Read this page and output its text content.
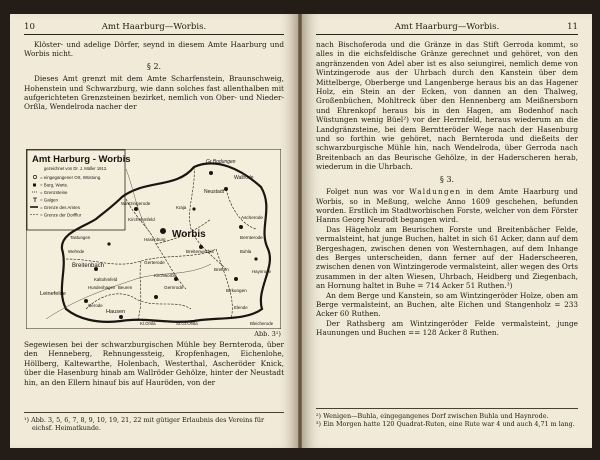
10	Amt Haarburg—Worbis.

Klöster- und adelige Dörfer, seynd in diesem Amte Haarburg und Worbis nicht.

§ 2.

Dieses Amt grenzt mit dem Amte Scharfenstein, Braunschweig, Hohenstein und Schwarzburg, wie dann solches fast allenthalben mit aufgerichteten Grenzsteinen bezirket, nemlich von Ober- und Nieder-Orßla, Wendelroda nacher der

Amt Harburg - Worbis
gezeichnet von Dr. J. Müller 1912.
= eingegangener Ort, Wüstung.
= Burg, Warte.
= Grenzsteine
= Galgen
= Grenze des Amtes
= Grenze der Dorfflur
Gr.Bodungen
Neustadt
Wallrode
Wintzingerode
Kirchohmfeld
Worbis	Bernterode
Breitenbach
Breitenworbis
Ascherode
Gerterode
Bretten
Gernrode
Leinefelde
Hausen
Gerode
Birkungen
Kaltohmfeld
Hasenburg
Buhla
Haynrode
Kraja
Tastungen
Wehnde
Hundeshagen
Kirchworbis
Beuren
St.Gr.Orsla
Elende
Bleicherode
Kl.Orsla
Abb. 3¹)

Segewiesen bei der schwarzburgischen Mühle bey Bernteroda, über den Henneberg, Rehnungessteig, Kropfenhagen, Eichenlohe, Höllberg, Kaltewarthe, Holenbach, Westerthal, Ascheröder Knick, über die Hasenburg hinab am Wallröder Gehölze, hinter der Neustadt hin, an den Ellern hinauf bis auf Hauröden, von der

¹) Abb. 3, 5, 6, 7, 8, 9, 10, 19, 21, 22 mit gütiger Erlaubnis des Vereins für eichsf. Heimatkunde.
Amt Haarburg—Worbis.	11

nach Bischoferoda und die Gränze in das Stift Gerroda kommt, so alles in die eichsfeldische Gränze gerechnet und gehöret, von den angränzenden von Adel aber ist es also seiungirei, nemlich deme von Wintzingerode aus der Uhrbach durch den Kanstein über dem Mittelberge, Oberberge und Langenberge heraus bis an das Hagener Holz, ein Stein an der Ecken, von dannen an den Thalweg, Großenbüchen, Mohltreck über den Hennenberg am Meißnersborn und Ehrenkopf heraus bis in den Hagen, am Bodenhof nach Wüstungen wenig Büel²) vor der Herrnfeld, heraus wiederum an die Landgränzsteine, bei dem Berntteröder Wege nach der Hasenburg und so forthin wie gehöret, nach Bernteroda und dießeits der schwarzburgische Mühle hin, nach Wendelroda, über Gerroda nach Breitenbach an das Beurische Gehölze, in der Haderscheren herab, wiederum in die Uhrbach.

§ 3.

Folget nun was vor Waldungen in dem Amte Haarburg und Worbis, so in Meßung, welche Anno 1609 geschehen, befunden worden. Erstlich im Stadtworbischen Forste, welcher von dem Förster Hanns Georg Neurodt begangen wird.

Das Hägeholz am Beurischen Forste und Breitenbächer Felde, vermalsteint, hat junge Buchen, haltet in sich 61 Acker, dann auf dem Bergeshagen, zwischen denen von Westernhagen, auf dem Inhange des Berges unterscheiden, dann ferner auf der Haderscheeren, zwischen denen von Wintzingerode vermalsteint, aller wegen des Orts zusammen in der alten Wiesen, Uhrbach, Heidberg und Ziegenbach, an Hornung haltet in Buhe = 714 Acker 51 Ruthen.³)

An dem Berge und Kanstein, so am Wintzingeröder Holze, oben am Berge vermalsteint, an Buchen, alte Eichen und Stangenholz = 233 Acker 60 Ruthen.

Der Rathsberg am Wintzingeröder Felde vermalsteint, junge Haunungen und Buchen == 128 Acker 8 Ruthen.

²) Wenigen—Buhla, eingegangenes Dorf zwischen Buhla und Haynrode.
³) Ein Morgen hatte 120 Quadrat-Ruten, eine Rute war 4 und auch 4,71 m lang.
